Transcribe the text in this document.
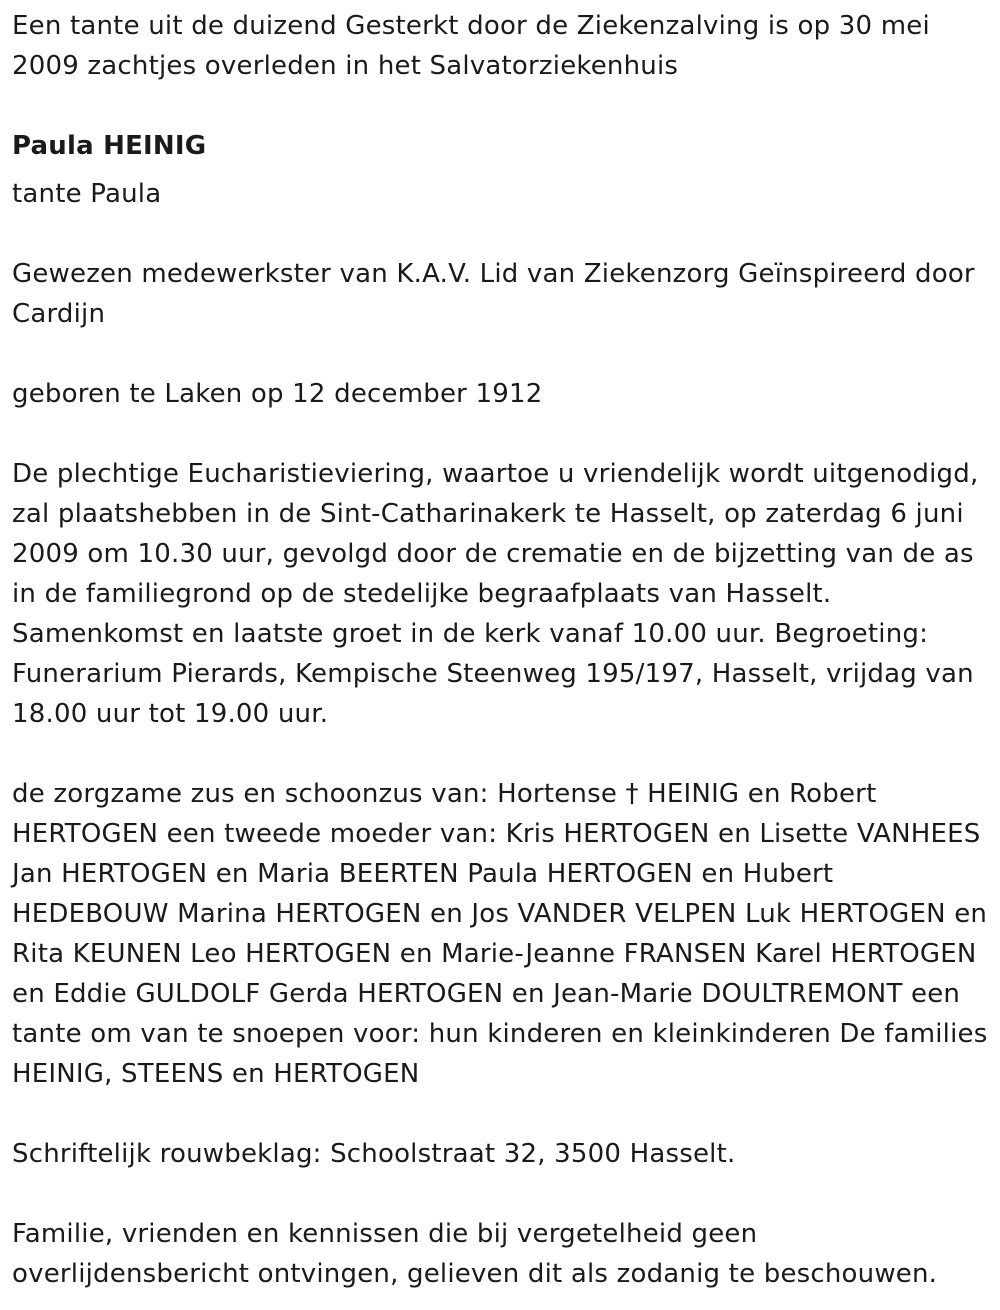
Een tante uit de duizend Gesterkt door de Ziekenzalving is op 30 mei 2009 zachtjes overleden in het Salvatorziekenhuis

Paula HEINIG

tante Paula

Gewezen medewerkster van K.A.V. Lid van Ziekenzorg Geïnspireerd door Cardijn

geboren te Laken op 12 december 1912

De plechtige Eucharistieviering, waartoe u vriendelijk wordt uitgenodigd, zal plaatshebben in de Sint-Catharinakerk te Hasselt, op zaterdag 6 juni 2009 om 10.30 uur, gevolgd door de crematie en de bijzetting van de as in de familiegrond op de stedelijke begraafplaats van Hasselt. Samenkomst en laatste groet in de kerk vanaf 10.00 uur. Begroeting: Funerarium Pierards, Kempische Steenweg 195/197, Hasselt, vrijdag van 18.00 uur tot 19.00 uur.

de zorgzame zus en schoonzus van: Hortense † HEINIG en Robert HERTOGEN een tweede moeder van: Kris HERTOGEN en Lisette VANHEES Jan HERTOGEN en Maria BEERTEN Paula HERTOGEN en Hubert HEDEBOUW Marina HERTOGEN en Jos VANDER VELPEN Luk HERTOGEN en Rita KEUNEN Leo HERTOGEN en Marie-Jeanne FRANSEN Karel HERTOGEN en Eddie GULDOLF Gerda HERTOGEN en Jean-Marie DOULTREMONT een tante om van te snoepen voor: hun kinderen en kleinkinderen De families HEINIG, STEENS en HERTOGEN

Schriftelijk rouwbeklag: Schoolstraat 32, 3500 Hasselt.

Familie, vrienden en kennissen die bij vergetelheid geen overlijdensbericht ontvingen, gelieven dit als zodanig te beschouwen.
